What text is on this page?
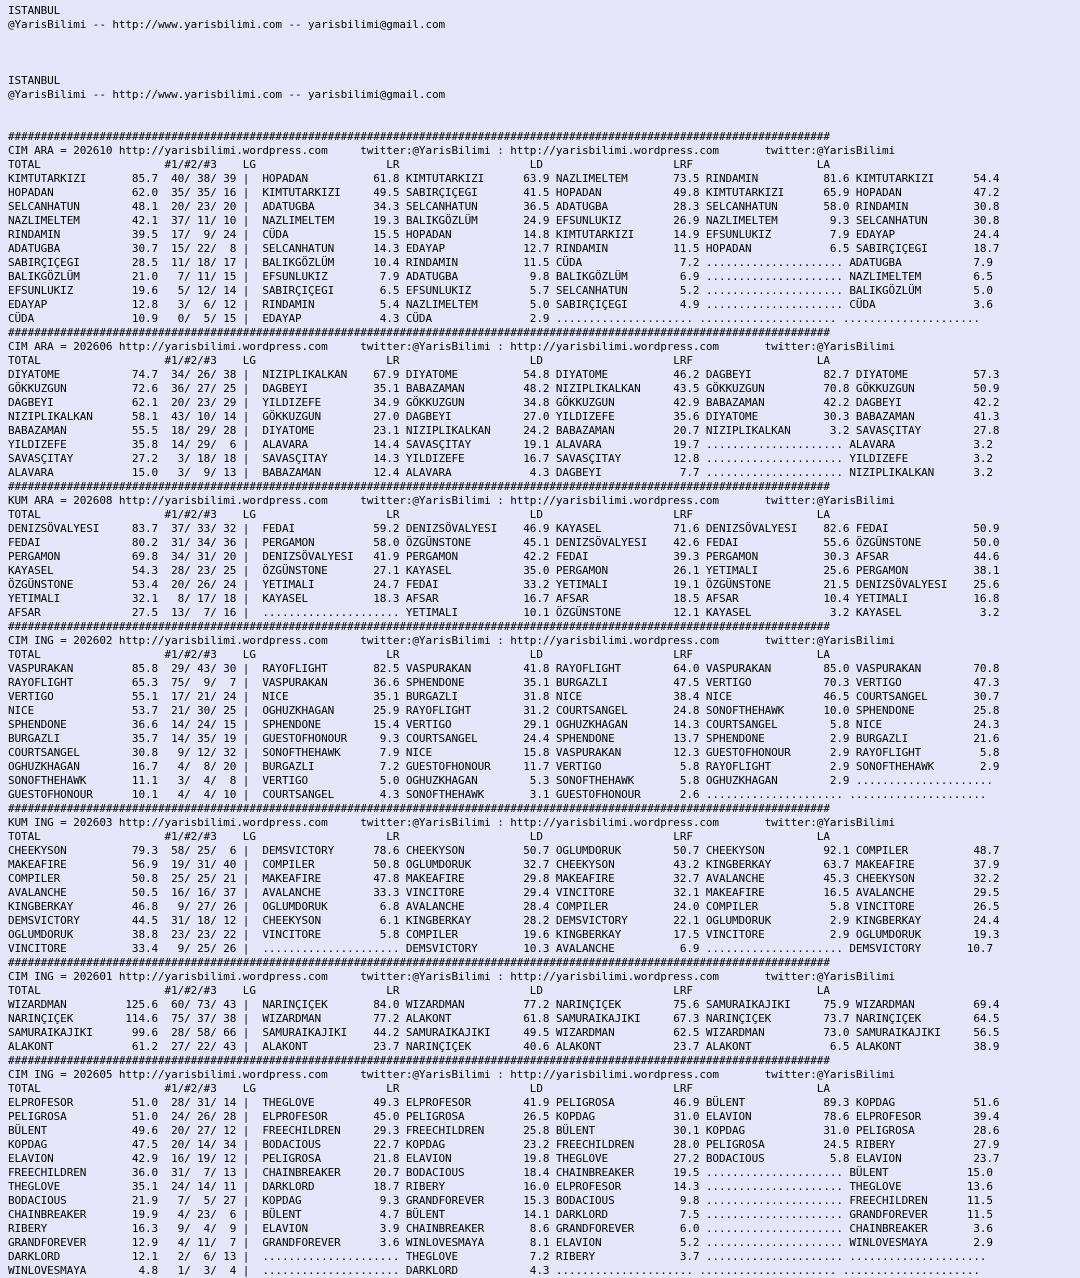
ISTANBUL
@YarisBilimi -- http://www.yarisbilimi.com -- yarisbilimi@gmail.com

ISTANBUL
@YarisBilimi -- http://www.yarisbilimi.com -- yarisbilimi@gmail.com

##############################################################################################################################
CIM ARA = 202610 http://yarisbilimi.wordpress.com     twitter:@YarisBilimi : http://yarisbilimi.wordpress.com       twitter:@YarisBilimi
TOTAL                   #1/#2/#3    LG                    LR                    LD                    LRF                   LA
KIMTUTARKIZI       85.7  40/ 38/ 39 |  HOPADAN          61.8 KIMTUTARKIZI      63.9 NAZLIMELTEM       73.5 RINDAMIN          81.6 KIMTUTARKIZI      54.4
HOPADAN            62.0  35/ 35/ 16 |  KIMTUTARKIZI     49.5 SABIRÇIÇEGI       41.5 HOPADAN           49.8 KIMTUTARKIZI      65.9 HOPADAN           47.2
SELCANHATUN        48.1  20/ 23/ 20 |  ADATUGBA         34.3 SELCANHATUN       36.5 ADATUGBA          28.3 SELCANHATUN       58.0 RINDAMIN          30.8
NAZLIMELTEM        42.1  37/ 11/ 10 |  NAZLIMELTEM      19.3 BALIKGÖZLÜM       24.9 EFSUNLUKIZ        26.9 NAZLIMELTEM        9.3 SELCANHATUN       30.8
RINDAMIN           39.5  17/  9/ 24 |  CÜDA             15.5 HOPADAN           14.8 KIMTUTARKIZI      14.9 EFSUNLUKIZ         7.9 EDAYAP            24.4
ADATUGBA           30.7  15/ 22/  8 |  SELCANHATUN      14.3 EDAYAP            12.7 RINDAMIN          11.5 HOPADAN            6.5 SABIRÇIÇEGI       18.7
SABIRÇIÇEGI        28.5  11/ 18/ 17 |  BALIKGÖZLÜM      10.4 RINDAMIN          11.5 CÜDA               7.2 ..................... ADATUGBA           7.9
BALIKGÖZLÜM        21.0   7/ 11/ 15 |  EFSUNLUKIZ        7.9 ADATUGBA           9.8 BALIKGÖZLÜM        6.9 ..................... NAZLIMELTEM        6.5
EFSUNLUKIZ         19.6   5/ 12/ 14 |  SABIRÇIÇEGI       6.5 EFSUNLUKIZ         5.7 SELCANHATUN        5.2 ..................... BALIKGÖZLÜM        5.0
EDAYAP             12.8   3/  6/ 12 |  RINDAMIN          5.4 NAZLIMELTEM        5.0 SABIRÇIÇEGI        4.9 ..................... CÜDA               3.6
CÜDA               10.9   0/  5/ 15 |  EDAYAP            4.3 CÜDA               2.9 ..................... ..................... .....................
##############################################################################################################################
CIM ARA = 202606 http://yarisbilimi.wordpress.com     twitter:@YarisBilimi : http://yarisbilimi.wordpress.com       twitter:@YarisBilimi
TOTAL                   #1/#2/#3    LG                    LR                    LD                    LRF                   LA
DIYATOME           74.7  34/ 26/ 38 |  NIZIPLIKALKAN    67.9 DIYATOME          54.8 DIYATOME          46.2 DAGBEYI           82.7 DIYATOME          57.3
GÖKKUZGUN          72.6  36/ 27/ 25 |  DAGBEYI          35.1 BABAZAMAN         48.2 NIZIPLIKALKAN     43.5 GÖKKUZGUN         70.8 GÖKKUZGUN         50.9
DAGBEYI            62.1  20/ 23/ 29 |  YILDIZEFE        34.9 GÖKKUZGUN         34.8 GÖKKUZGUN         42.9 BABAZAMAN         42.2 DAGBEYI           42.2
NIZIPLIKALKAN      58.1  43/ 10/ 14 |  GÖKKUZGUN        27.0 DAGBEYI           27.0 YILDIZEFE         35.6 DIYATOME          30.3 BABAZAMAN         41.3
BABAZAMAN          55.5  18/ 29/ 28 |  DIYATOME         23.1 NIZIPLIKALKAN     24.2 BABAZAMAN         20.7 NIZIPLIKALKAN      3.2 SAVASÇITAY        27.8
YILDIZEFE          35.8  14/ 29/  6 |  ALAVARA          14.4 SAVASÇITAY        19.1 ALAVARA           19.7 ..................... ALAVARA            3.2
SAVASÇITAY         27.2   3/ 18/ 18 |  SAVASÇITAY       14.3 YILDIZEFE         16.7 SAVASÇITAY        12.8 ..................... YILDIZEFE          3.2
ALAVARA            15.0   3/  9/ 13 |  BABAZAMAN        12.4 ALAVARA            4.3 DAGBEYI            7.7 ..................... NIZIPLIKALKAN      3.2
##############################################################################################################################
KUM ARA = 202608 http://yarisbilimi.wordpress.com     twitter:@YarisBilimi : http://yarisbilimi.wordpress.com       twitter:@YarisBilimi
TOTAL                   #1/#2/#3    LG                    LR                    LD                    LRF                   LA
DENIZSÖVALYESI     83.7  37/ 33/ 32 |  FEDAI            59.2 DENIZSÖVALYESI    46.9 KAYASEL           71.6 DENIZSÖVALYESI    82.6 FEDAI             50.9
FEDAI              80.2  31/ 34/ 36 |  PERGAMON         58.0 ÖZGÜNSTONE        45.1 DENIZSÖVALYESI    42.6 FEDAI             55.6 ÖZGÜNSTONE        50.0
PERGAMON           69.8  34/ 31/ 20 |  DENIZSÖVALYESI   41.9 PERGAMON          42.2 FEDAI             39.3 PERGAMON          30.3 AFSAR             44.6
KAYASEL            54.3  28/ 23/ 25 |  ÖZGÜNSTONE       27.1 KAYASEL           35.0 PERGAMON          26.1 YETIMALI          25.6 PERGAMON          38.1
ÖZGÜNSTONE         53.4  20/ 26/ 24 |  YETIMALI         24.7 FEDAI             33.2 YETIMALI          19.1 ÖZGÜNSTONE        21.5 DENIZSÖVALYESI    25.6
YETIMALI           32.1   8/ 17/ 18 |  KAYASEL          18.3 AFSAR             16.7 AFSAR             18.5 AFSAR             10.4 YETIMALI          16.8
AFSAR              27.5  13/  7/ 16 |  ..................... YETIMALI          10.1 ÖZGÜNSTONE        12.1 KAYASEL            3.2 KAYASEL            3.2
##############################################################################################################################
CIM ING = 202602 http://yarisbilimi.wordpress.com     twitter:@YarisBilimi : http://yarisbilimi.wordpress.com       twitter:@YarisBilimi
TOTAL                   #1/#2/#3    LG                    LR                    LD                    LRF                   LA
VASPURAKAN         85.8  29/ 43/ 30 |  RAYOFLIGHT       82.5 VASPURAKAN        41.8 RAYOFLIGHT        64.0 VASPURAKAN        85.0 VASPURAKAN        70.8
RAYOFLIGHT         65.3  75/  9/  7 |  VASPURAKAN       36.6 SPHENDONE         35.1 BURGAZLI          47.5 VERTIGO           70.3 VERTIGO           47.3
VERTIGO            55.1  17/ 21/ 24 |  NICE             35.1 BURGAZLI          31.8 NICE              38.4 NICE              46.5 COURTSANGEL       30.7
NICE               53.7  21/ 30/ 25 |  OGHUZKHAGAN      25.9 RAYOFLIGHT        31.2 COURTSANGEL       24.8 SONOFTHEHAWK      10.0 SPHENDONE         25.8
SPHENDONE          36.6  14/ 24/ 15 |  SPHENDONE        15.4 VERTIGO           29.1 OGHUZKHAGAN       14.3 COURTSANGEL        5.8 NICE              24.3
BURGAZLI           35.7  14/ 35/ 19 |  GUESTOFHONOUR     9.3 COURTSANGEL       24.4 SPHENDONE         13.7 SPHENDONE          2.9 BURGAZLI          21.6
COURTSANGEL        30.8   9/ 12/ 32 |  SONOFTHEHAWK      7.9 NICE              15.8 VASPURAKAN        12.3 GUESTOFHONOUR      2.9 RAYOFLIGHT         5.8
OGHUZKHAGAN        16.7   4/  8/ 20 |  BURGAZLI          7.2 GUESTOFHONOUR     11.7 VERTIGO            5.8 RAYOFLIGHT         2.9 SONOFTHEHAWK       2.9
SONOFTHEHAWK       11.1   3/  4/  8 |  VERTIGO           5.0 OGHUZKHAGAN        5.3 SONOFTHEHAWK       5.8 OGHUZKHAGAN        2.9 .....................
GUESTOFHONOUR      10.1   4/  4/ 10 |  COURTSANGEL       4.3 SONOFTHEHAWK       3.1 GUESTOFHONOUR      2.6 ..................... .....................
##############################################################################################################################
KUM ING = 202603 http://yarisbilimi.wordpress.com     twitter:@YarisBilimi : http://yarisbilimi.wordpress.com       twitter:@YarisBilimi
TOTAL                   #1/#2/#3    LG                    LR                    LD                    LRF                   LA
CHEEKYSON          79.3  58/ 25/  6 |  DEMSVICTORY      78.6 CHEEKYSON         50.7 OGLUMDORUK        50.7 CHEEKYSON         92.1 COMPILER          48.7
MAKEAFIRE          56.9  19/ 31/ 40 |  COMPILER         50.8 OGLUMDORUK        32.7 CHEEKYSON         43.2 KINGBERKAY        63.7 MAKEAFIRE         37.9
COMPILER           50.8  25/ 25/ 21 |  MAKEAFIRE        47.8 MAKEAFIRE         29.8 MAKEAFIRE         32.7 AVALANCHE         45.3 CHEEKYSON         32.2
AVALANCHE          50.5  16/ 16/ 37 |  AVALANCHE        33.3 VINCITORE         29.4 VINCITORE         32.1 MAKEAFIRE         16.5 AVALANCHE         29.5
KINGBERKAY         46.8   9/ 27/ 26 |  OGLUMDORUK        6.8 AVALANCHE         28.4 COMPILER          24.0 COMPILER           5.8 VINCITORE         26.5
DEMSVICTORY        44.5  31/ 18/ 12 |  CHEEKYSON         6.1 KINGBERKAY        28.2 DEMSVICTORY       22.1 OGLUMDORUK         2.9 KINGBERKAY        24.4
OGLUMDORUK         38.8  23/ 23/ 22 |  VINCITORE         5.8 COMPILER          19.6 KINGBERKAY        17.5 VINCITORE          2.9 OGLUMDORUK        19.3
VINCITORE          33.4   9/ 25/ 26 |  ..................... DEMSVICTORY       10.3 AVALANCHE          6.9 ..................... DEMSVICTORY       10.7
##############################################################################################################################
CIM ING = 202601 http://yarisbilimi.wordpress.com     twitter:@YarisBilimi : http://yarisbilimi.wordpress.com       twitter:@YarisBilimi
TOTAL                   #1/#2/#3    LG                    LR                    LD                    LRF                   LA
WIZARDMAN         125.6  60/ 73/ 43 |  NARINÇIÇEK       84.0 WIZARDMAN         77.2 NARINÇIÇEK        75.6 SAMURAIKAJIKI     75.9 WIZARDMAN         69.4
NARINÇIÇEK        114.6  75/ 37/ 38 |  WIZARDMAN        77.2 ALAKONT           61.8 SAMURAIKAJIKI     67.3 NARINÇIÇEK        73.7 NARINÇIÇEK        64.5
SAMURAIKAJIKI      99.6  28/ 58/ 66 |  SAMURAIKAJIKI    44.2 SAMURAIKAJIKI     49.5 WIZARDMAN         62.5 WIZARDMAN         73.0 SAMURAIKAJIKI     56.5
ALAKONT            61.2  27/ 22/ 43 |  ALAKONT          23.7 NARINÇIÇEK        40.6 ALAKONT           23.7 ALAKONT            6.5 ALAKONT           38.9
##############################################################################################################################
CIM ING = 202605 http://yarisbilimi.wordpress.com     twitter:@YarisBilimi : http://yarisbilimi.wordpress.com       twitter:@YarisBilimi
TOTAL                   #1/#2/#3    LG                    LR                    LD                    LRF                   LA
ELPROFESOR         51.0  28/ 31/ 14 |  THEGLOVE         49.3 ELPROFESOR        41.9 PELIGROSA         46.9 BÜLENT            89.3 KOPDAG            51.6
PELIGROSA          51.0  24/ 26/ 28 |  ELPROFESOR       45.0 PELIGROSA         26.5 KOPDAG            31.0 ELAVION           78.6 ELPROFESOR        39.4
BÜLENT             49.6  20/ 27/ 12 |  FREECHILDREN     29.3 FREECHILDREN      25.8 BÜLENT            30.1 KOPDAG            31.0 PELIGROSA         28.6
KOPDAG             47.5  20/ 14/ 34 |  BODACIOUS        22.7 KOPDAG            23.2 FREECHILDREN      28.0 PELIGROSA         24.5 RIBERY            27.9
ELAVION            42.9  16/ 19/ 12 |  PELIGROSA        21.8 ELAVION           19.8 THEGLOVE          27.2 BODACIOUS          5.8 ELAVION           23.7
FREECHILDREN       36.0  31/  7/ 13 |  CHAINBREAKER     20.7 BODACIOUS         18.4 CHAINBREAKER      19.5 ..................... BÜLENT            15.0
THEGLOVE           35.1  24/ 14/ 11 |  DARKLORD         18.7 RIBERY            16.0 ELPROFESOR        14.3 ..................... THEGLOVE          13.6
BODACIOUS          21.9   7/  5/ 27 |  KOPDAG            9.3 GRANDFOREVER      15.3 BODACIOUS          9.8 ..................... FREECHILDREN      11.5
CHAINBREAKER       19.9   4/ 23/  6 |  BÜLENT            4.7 BÜLENT            14.1 DARKLORD           7.5 ..................... GRANDFOREVER      11.5
RIBERY             16.3   9/  4/  9 |  ELAVION           3.9 CHAINBREAKER       8.6 GRANDFOREVER       6.0 ..................... CHAINBREAKER       3.6
GRANDFOREVER       12.9   4/ 11/  7 |  GRANDFOREVER      3.6 WINLOVESMAYA       8.1 ELAVION            5.2 ..................... WINLOVESMAYA       2.9
DARKLORD           12.1   2/  6/ 13 |  ..................... THEGLOVE           7.2 RIBERY             3.7 ..................... .....................
WINLOVESMAYA        4.8   1/  3/  4 |  ..................... DARKLORD           4.3 ..................... ..................... .....................
